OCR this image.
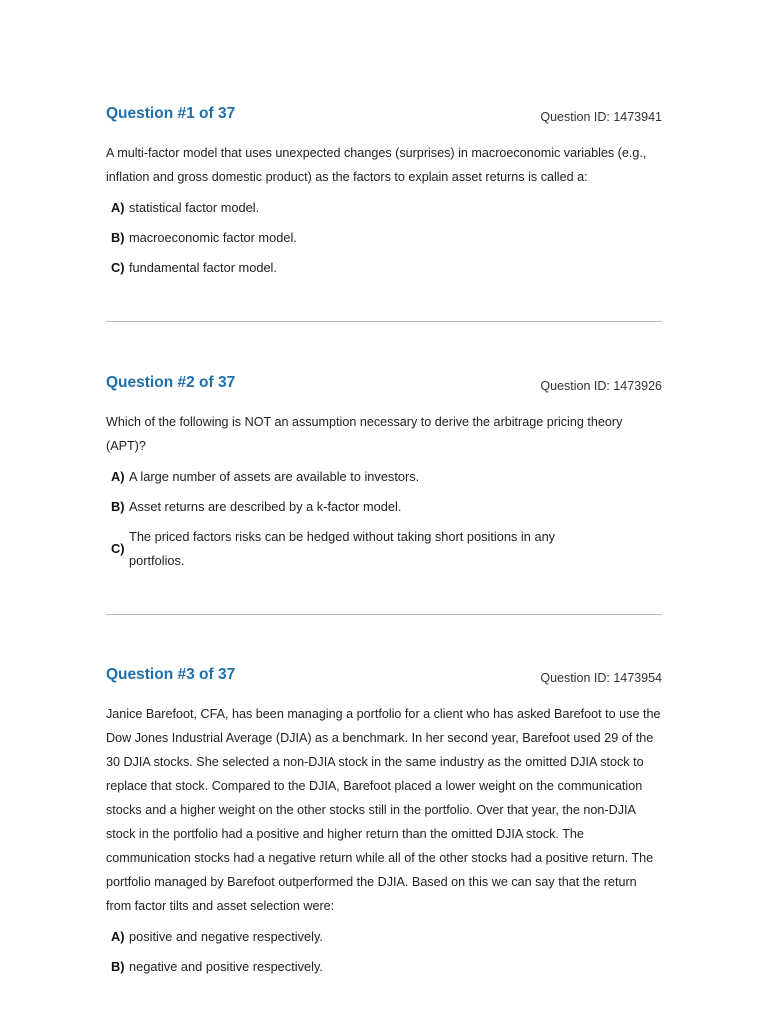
Question #1 of 37	Question ID: 1473941

A multi-factor model that uses unexpected changes (surprises) in macroeconomic variables (e.g., inflation and gross domestic product) as the factors to explain asset returns is called a:

A) statistical factor model.
B) macroeconomic factor model.
C) fundamental factor model.
Question #2 of 37	Question ID: 1473926

Which of the following is NOT an assumption necessary to derive the arbitrage pricing theory (APT)?

A) A large number of assets are available to investors.
B) Asset returns are described by a k-factor model.
C)
The priced factors risks can be hedged without taking short positions in any portfolios.
Question #3 of 37	Question ID: 1473954

Janice Barefoot, CFA, has been managing a portfolio for a client who has asked Barefoot to use the Dow Jones Industrial Average (DJIA) as a benchmark. In her second year, Barefoot used 29 of the 30 DJIA stocks. She selected a non-DJIA stock in the same industry as the omitted DJIA stock to replace that stock. Compared to the DJIA, Barefoot placed a lower weight on the communication stocks and a higher weight on the other stocks still in the portfolio. Over that year, the non-DJIA stock in the portfolio had a positive and higher return than the omitted DJIA stock. The communication stocks had a negative return while all of the other stocks had a positive return. The portfolio managed by Barefoot outperformed the DJIA. Based on this we can say that the return from factor tilts and asset selection were:

A) positive and negative respectively.
B) negative and positive respectively.
